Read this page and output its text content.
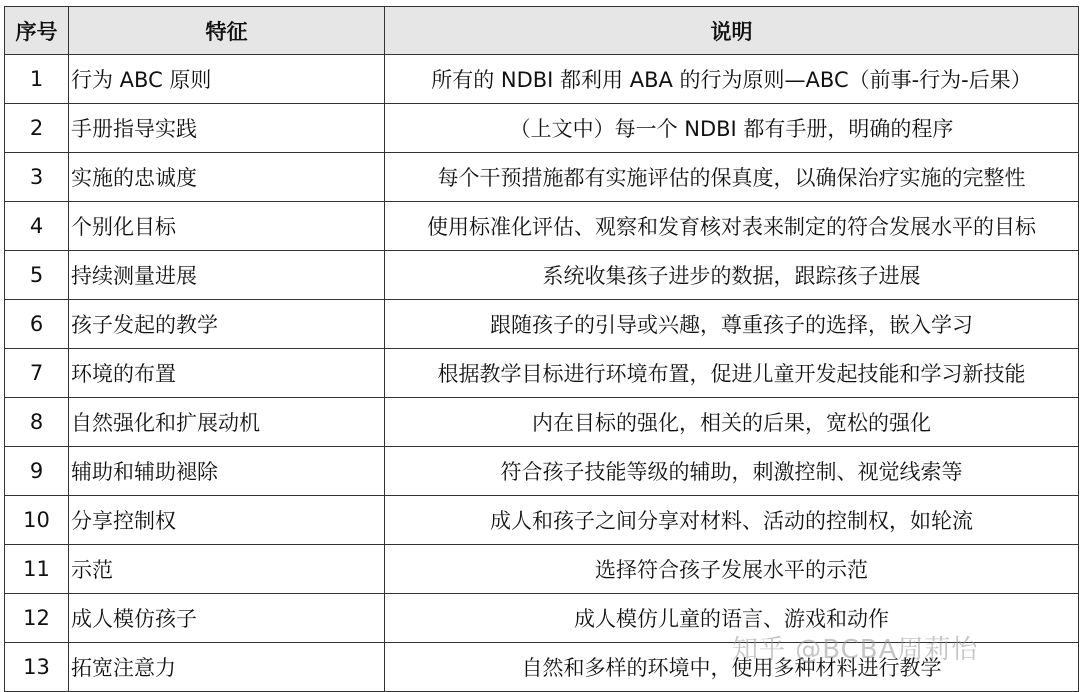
序号	特征	说明
1	行为 ABC 原则	所有的 NDBI 都利用 ABA 的行为原则—ABC（前事-行为-后果）
2	手册指导实践	（上文中）每一个 NDBI 都有手册，明确的程序
3	实施的忠诚度	每个干预措施都有实施评估的保真度，以确保治疗实施的完整性
4	个别化目标	使用标准化评估、观察和发育核对表来制定的符合发展水平的目标
5	持续测量进展	系统收集孩子进步的数据，跟踪孩子进展
6	孩子发起的教学	跟随孩子的引导或兴趣，尊重孩子的选择，嵌入学习
7	环境的布置	根据教学目标进行环境布置，促进儿童开发起技能和学习新技能
8	自然强化和扩展动机	内在目标的强化，相关的后果，宽松的强化
9	辅助和辅助褪除	符合孩子技能等级的辅助，刺激控制、视觉线索等
10	分享控制权	成人和孩子之间分享对材料、活动的控制权，如轮流
11	示范	选择符合孩子发展水平的示范
12	成人模仿孩子	成人模仿儿童的语言、游戏和动作
13	拓宽注意力	自然和多样的环境中，使用多种材料进行教学
知乎 @BCBA周莉怡
